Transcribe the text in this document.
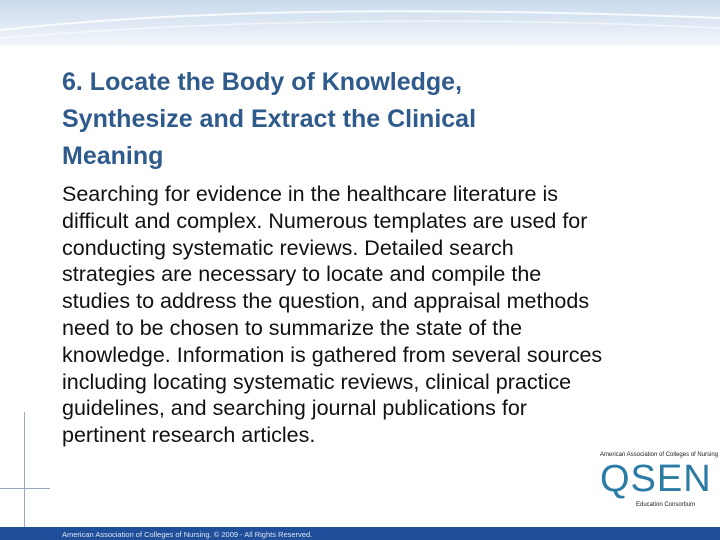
6. Locate the Body of Knowledge,
Synthesize and Extract the Clinical
Meaning
Searching for evidence in the healthcare literature is
difficult and complex. Numerous templates are used for
conducting systematic reviews. Detailed search
strategies are necessary to locate and compile the
studies to address the question, and appraisal methods
need to be chosen to summarize the state of the
knowledge. Information is gathered from several sources
including locating systematic reviews, clinical practice
guidelines, and searching journal publications for
pertinent research articles.
American Association of Colleges of Nursing
QSEN
Education Consortium
American Association of Colleges of Nursing. © 2009 - All Rights Reserved.
